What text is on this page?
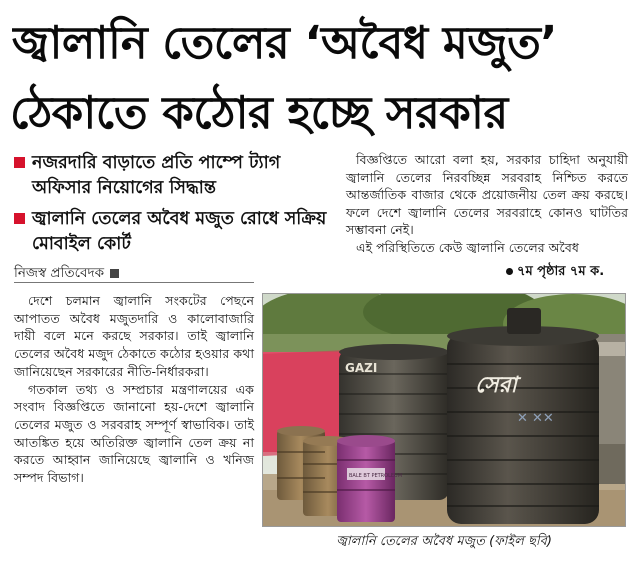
জ্বালানি তেলের ‘অবৈধ মজুত’
ঠেকাতে কঠোর হচ্ছে সরকার
নজরদারি বাড়াতে প্রতি পাম্পে ট্যাগ অফিসার নিয়োগের সিদ্ধান্ত
জ্বালানি তেলের অবৈধ মজুত রোধে সক্রিয় মোবাইল কোর্ট
নিজস্ব প্রতিবেদক

বিজ্ঞপ্তিতে আরো বলা হয়, সরকার চাহিদা অনুযায়ী জ্বালানি তেলের নিরবচ্ছিন্ন সরবরাহ নিশ্চিত করতে আন্তর্জাতিক বাজার থেকে প্রয়োজনীয় তেল ক্রয় করছে। ফলে দেশে জ্বালানি তেলের সরবরাহে কোনও ঘাটতির সম্ভাবনা নেই।

এই পরিস্থিতিতে কেউ জ্বালানি তেলের অবৈধ

৭ম পৃষ্ঠার ৭ম ক.

দেশে চলমান জ্বালানি সংকটের পেছনে আপাতত অবৈধ মজুতদারি ও কালোবাজারি দায়ী বলে মনে করছে সরকার। তাই জ্বালানি তেলের অবৈধ মজুদ ঠেকাতে কঠোর হওয়ার কথা জানিয়েছেন সরকারের নীতি-নির্ধারকরা।

গতকাল তথ্য ও সম্প্রচার মন্ত্রণালয়ের এক সংবাদ বিজ্ঞপ্তিতে জানানো হয়-দেশে জ্বালানি তেলের মজুত ও সরবরাহ সম্পূর্ণ স্বাভাবিক। তাই আতঙ্কিত হয়ে অতিরিক্ত জ্বালানি তেল ক্রয় না করতে আহ্বান জানিয়েছে জ্বালানি ও খনিজ সম্পদ বিভাগ।

GAZI
সেরা
✕ ✕✕
BALE BT PETROLEUM
জ্বালানি তেলের অবৈধ মজুত (ফাইল ছবি)
